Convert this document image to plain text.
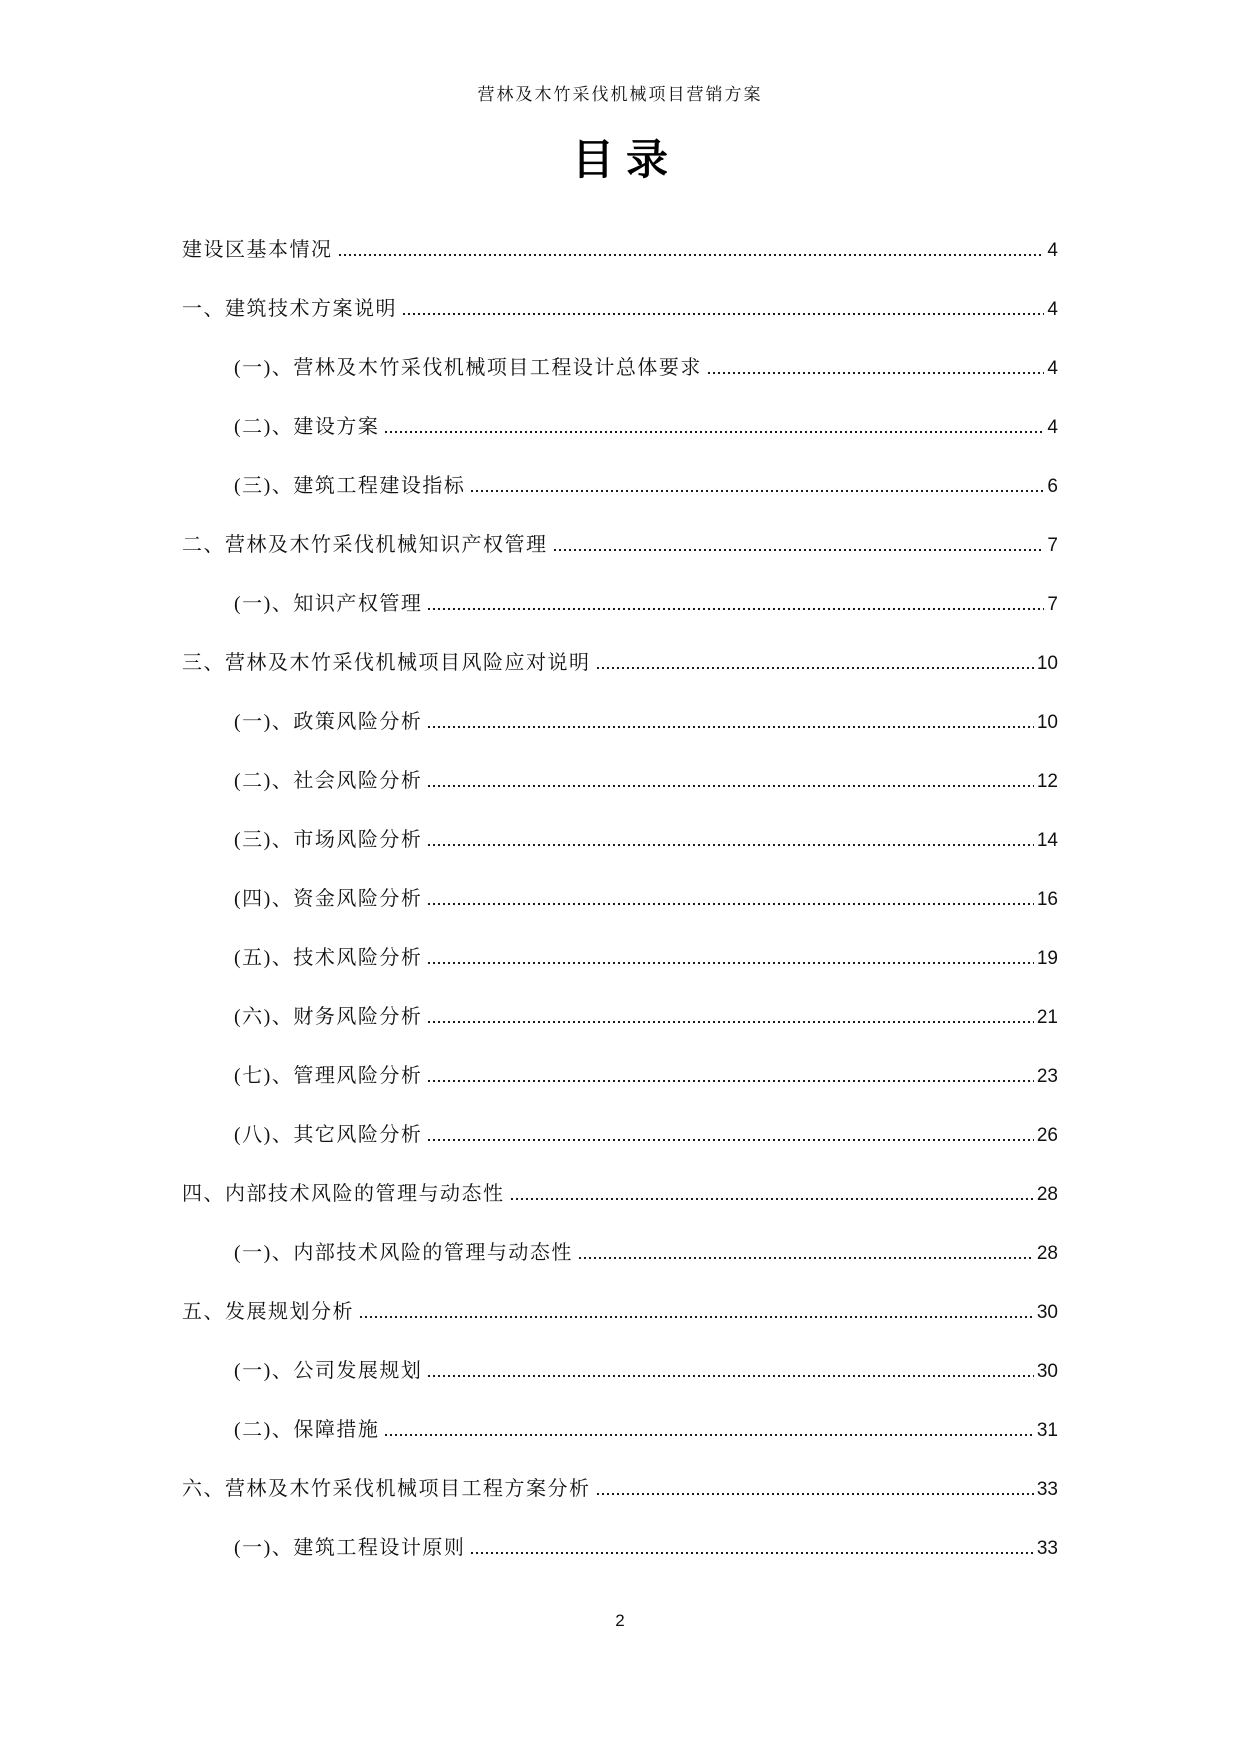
营林及木竹采伐机械项目营销方案
目录
建设区基本情况	4
一、建筑技术方案说明	4
(一)、营林及木竹采伐机械项目工程设计总体要求	4
(二)、建设方案	4
(三)、建筑工程建设指标	6
二、营林及木竹采伐机械知识产权管理	7
(一)、知识产权管理	7
三、营林及木竹采伐机械项目风险应对说明	10
(一)、政策风险分析	10
(二)、社会风险分析	12
(三)、市场风险分析	14
(四)、资金风险分析	16
(五)、技术风险分析	19
(六)、财务风险分析	21
(七)、管理风险分析	23
(八)、其它风险分析	26
四、内部技术风险的管理与动态性	28
(一)、内部技术风险的管理与动态性	28
五、发展规划分析	30
(一)、公司发展规划	30
(二)、保障措施	31
六、营林及木竹采伐机械项目工程方案分析	33
(一)、建筑工程设计原则	33
2
